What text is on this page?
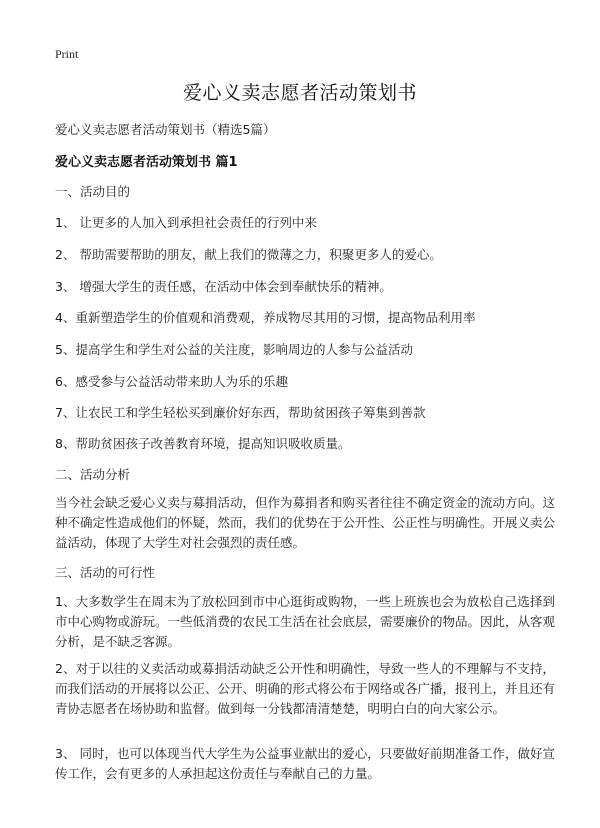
Print
爱心义卖志愿者活动策划书
爱心义卖志愿者活动策划书（精选5篇）
爱心义卖志愿者活动策划书 篇1
一、活动目的
1、 让更多的人加入到承担社会责任的行列中来
2、 帮助需要帮助的朋友，献上我们的微薄之力，积聚更多人的爱心。
3、 增强大学生的责任感，在活动中体会到奉献快乐的精神。
4、重新塑造学生的价值观和消费观，养成物尽其用的习惯，提高物品利用率
5、提高学生和学生对公益的关注度，影响周边的人参与公益活动
6、感受参与公益活动带来助人为乐的乐趣
7、让农民工和学生轻松买到廉价好东西，帮助贫困孩子筹集到善款
8、帮助贫困孩子改善教育环境，提高知识吸收质量。
二、活动分析
当今社会缺乏爱心义卖与募捐活动，但作为募捐者和购买者往往不确定资金的流动方向。这种不确定性造成他们的怀疑，然而，我们的优势在于公开性、公正性与明确性。开展义卖公益活动，体现了大学生对社会强烈的责任感。
三、活动的可行性
1、大多数学生在周末为了放松回到市中心逛街或购物，一些上班族也会为放松自己选择到市中心购物或游玩。一些低消费的农民工生活在社会底层，需要廉价的物品。因此，从客观分析，是不缺乏客源。
2、对于以往的义卖活动或募捐活动缺乏公开性和明确性，导致一些人的不理解与不支持，而我们活动的开展将以公正、公开、明确的形式将公布于网络或各广播，报刊上，并且还有青协志愿者在场协助和监督。做到每一分钱都清清楚楚，明明白白的向大家公示。
3、 同时，也可以体现当代大学生为公益事业献出的爱心，只要做好前期准备工作，做好宣传工作，会有更多的人承担起这份责任与奉献自己的力量。
